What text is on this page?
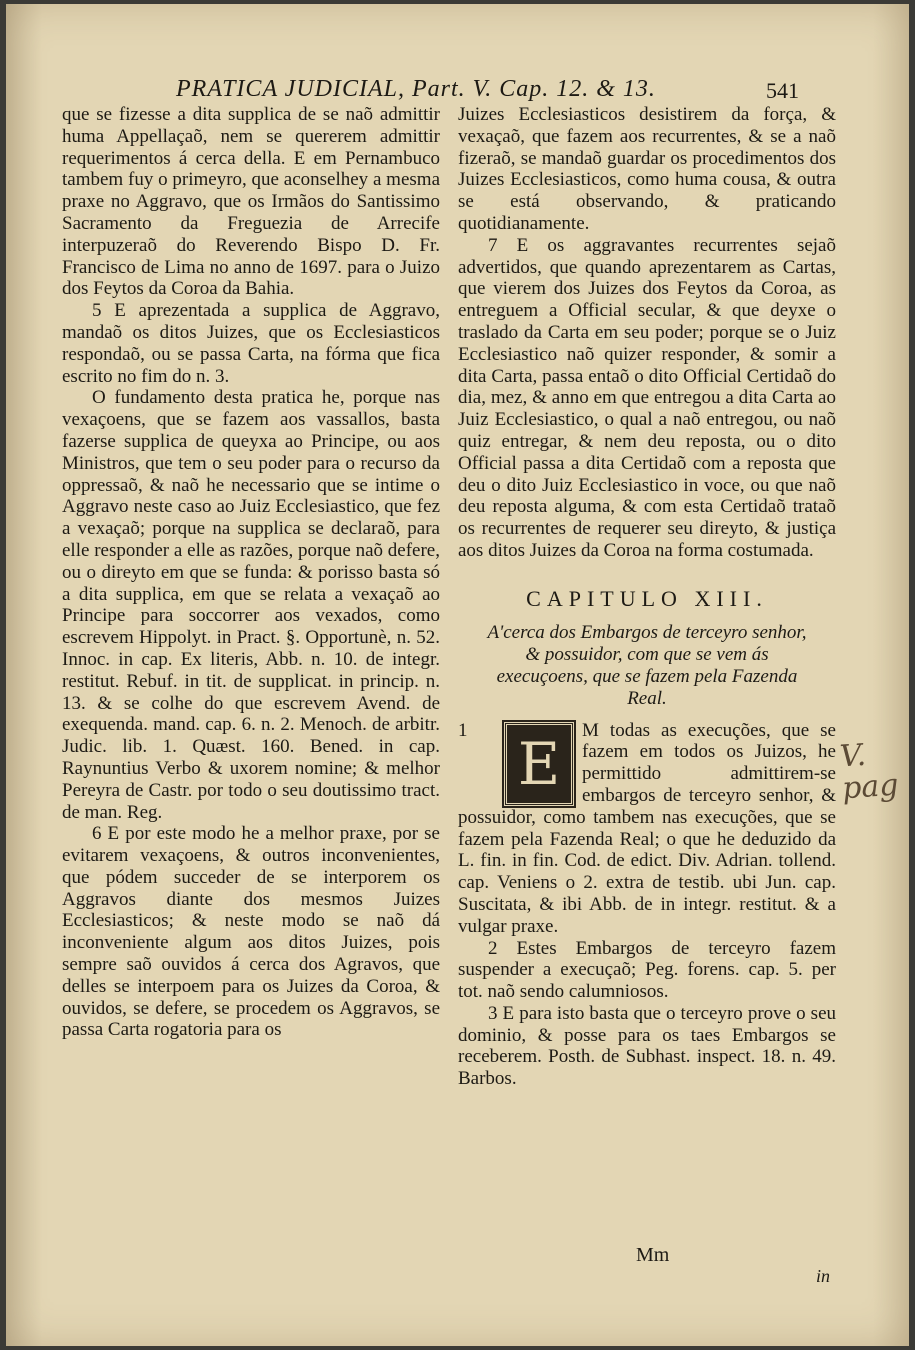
PRATICA JUDICIAL, Part. V. Cap. 12. & 13.	541

que se fizesse a dita supplica de se naõ admittir huma Appellaçaõ, nem se quererem admittir requerimentos á cerca della. E em Pernambuco tambem fuy o primeyro, que aconselhey a mesma praxe no Aggravo, que os Irmãos do Santissimo Sacramento da Freguezia de Arrecife interpuzeraõ do Reverendo Bispo D. Fr. Francisco de Lima no anno de 1697. para o Juizo dos Feytos da Coroa da Bahia.

5 E aprezentada a supplica de Aggravo, mandaõ os ditos Juizes, que os Ecclesiasticos respondaõ, ou se passa Carta, na fórma que fica escrito no fim do n. 3.

O fundamento desta pratica he, porque nas vexaçoens, que se fazem aos vassallos, basta fazerse supplica de queyxa ao Principe, ou aos Ministros, que tem o seu poder para o recurso da oppressaõ, & naõ he necessario que se intime o Aggravo neste caso ao Juiz Ecclesiastico, que fez a vexaçaõ; porque na supplica se declaraõ, para elle responder a elle as razões, porque naõ defere, ou o direyto em que se funda: & porisso basta só a dita supplica, em que se relata a vexaçaõ ao Principe para soccorrer aos vexados, como escrevem Hippolyt. in Pract. §. Opportunè, n. 52. Innoc. in cap. Ex literis, Abb. n. 10. de integr. restitut. Rebuf. in tit. de supplicat. in princip. n. 13. & se colhe do que escrevem Avend. de exequenda. mand. cap. 6. n. 2. Menoch. de arbitr. Judic. lib. 1. Quæst. 160. Bened. in cap. Raynuntius Verbo & uxorem nomine; & melhor Pereyra de Castr. por todo o seu doutissimo tract. de man. Reg.

6 E por este modo he a melhor praxe, por se evitarem vexaçoens, & outros inconvenientes, que pódem succeder de se interporem os Aggravos diante dos mesmos Juizes Ecclesiasticos; & neste modo se naõ dá inconveniente algum aos ditos Juizes, pois sempre saõ ouvidos á cerca dos Agravos, que delles se interpoem para os Juizes da Coroa, & ouvidos, se defere, se procedem os Aggravos, se passa Carta rogatoria para os

Juizes Ecclesiasticos desistirem da força, & vexaçaõ, que fazem aos recurrentes, & se a naõ fizeraõ, se mandaõ guardar os procedimentos dos Juizes Ecclesiasticos, como huma cousa, & outra se está observando, & praticando quotidianamente.

7 E os aggravantes recurrentes sejaõ advertidos, que quando aprezentarem as Cartas, que vierem dos Juizes dos Feytos da Coroa, as entreguem a Official secular, & que deyxe o traslado da Carta em seu poder; porque se o Juiz Ecclesiastico naõ quizer responder, & somir a dita Carta, passa entaõ o dito Official Certidaõ do dia, mez, & anno em que entregou a dita Carta ao Juiz Ecclesiastico, o qual a naõ entregou, ou naõ quiz entregar, & nem deu reposta, ou o dito Official passa a dita Certidaõ com a reposta que deu o dito Juiz Ecclesiastico in voce, ou que naõ deu reposta alguma, & com esta Certidaõ trataõ os recurrentes de requerer seu direyto, & justiça aos ditos Juizes da Coroa na forma costumada.

CAPITULO XIII.
A'cerca dos Embargos de terceyro senhor, & possuidor, com que se vem ás execuçoens, que se fazem pela Fazenda Real.
1 E	M todas as execuções, que se fazem em todos os Juizos, he permittido admittirem-se embargos de terceyro senhor, & possuidor, como tambem nas execuções, que se fazem pela Fazenda Real; o que he deduzido da L. fin. in fin. Cod. de edict. Div. Adrian. tollend. cap. Veniens o 2. extra de testib. ubi Jun. cap. Suscitata, & ibi Abb. de in integr. restitut. & a vulgar praxe.

2 Estes Embargos de terceyro fazem suspender a execuçaõ; Peg. forens. cap. 5. per tot. naõ sendo calumniosos.

3 E para isto basta que o terceyro prove o seu dominio, & posse para os taes Embargos se receberem. Posth. de Subhast. inspect. 18. n. 49. Barbos.

Mm
in
V. pag
